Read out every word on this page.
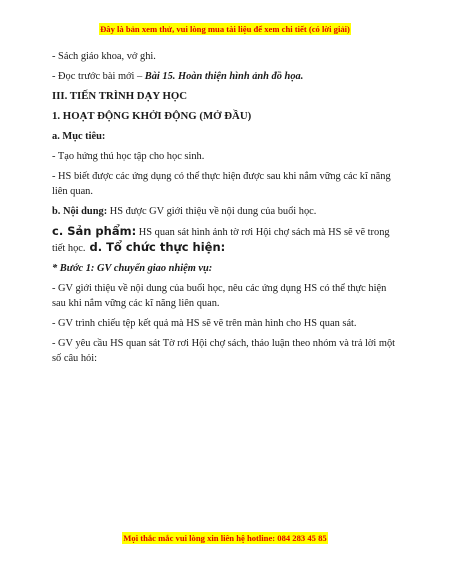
Đây là bản xem thử, vui lòng mua tài liệu để xem chi tiết (có lời giải)

- Sách giáo khoa, vở ghi.

- Đọc trước bài mới – Bài 15. Hoàn thiện hình ảnh đồ họa.

III. TIẾN TRÌNH DẠY HỌC

1. HOẠT ĐỘNG KHỞI ĐỘNG (MỞ ĐẦU)

a. Mục tiêu:

- Tạo hứng thú học tập cho học sinh.

- HS biết được các ứng dụng có thể thực hiện được sau khi nắm vững các kĩ năng liên quan.

b. Nội dung: HS được GV giới thiệu về nội dung của buổi học.

c. Sản phẩm: HS quan sát hình ảnh tờ rơi Hội chợ sách mà HS sẽ vẽ trong tiết học. d. Tổ chức thực hiện:

* Bước 1: GV chuyển giao nhiệm vụ:

- GV giới thiệu về nội dung của buổi học, nêu các ứng dụng HS có thể thực hiện sau khi nắm vững các kĩ năng liên quan.

- GV trình chiếu tệp kết quả mà HS sẽ vẽ trên màn hình cho HS quan sát.

- GV yêu cầu HS quan sát Tờ rơi Hội chợ sách, thảo luận theo nhóm và trả lời một số câu hỏi:

Mọi thắc mắc vui lòng xin liên hệ hotline: 084 283 45 85
